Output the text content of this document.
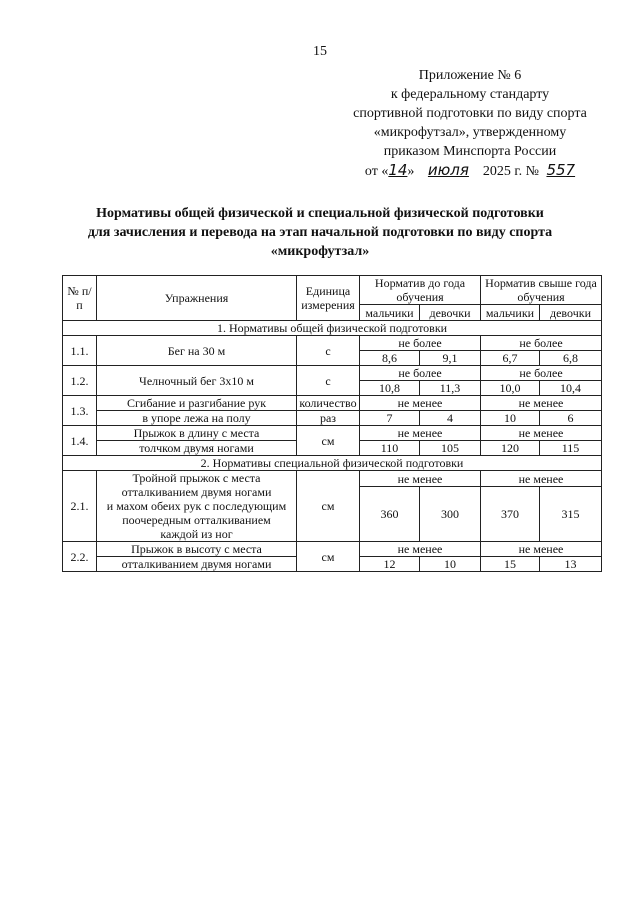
15
Приложение № 6
к федеральному стандарту
спортивной подготовки по виду спорта
«микрофутзал», утвержденному
приказом Минспорта России
от «14» июля 2025 г. № 557
Нормативы общей физической и специальной физической подготовки
для зачисления и перевода на этап начальной подготовки по виду спорта
«микрофутзал»
№ п/п	Упражнения	Единица измерения	Норматив до года обучения		Норматив свыше года обучения	
			мальчики	девочки	мальчики	девочки
1. Нормативы общей физической подготовки						
1.1.	Бег на 30 м	с	не более		не более	
			8,6	9,1	6,7	6,8
1.2.	Челночный бег 3x10 м	с	не более		не более	
			10,8	11,3	10,0	10,4
1.3.	Сгибание и разгибание рук	количество	не менее		не менее	
	в упоре лежа на полу	раз	7	4	10	6
1.4.	Прыжок в длину с места	см	не менее		не менее	
	толчком двумя ногами		110	105	120	115
2. Нормативы специальной физической подготовки						
2.1.	Тройной прыжок с места
отталкиванием двумя ногами
и махом обеих рук с последующим
поочередным отталкиванием
каждой из ног	см	не менее		не менее	
			360	300	370	315
2.2.	Прыжок в высоту с места	см	не менее		не менее	
	отталкиванием двумя ногами		12	10	15	13
